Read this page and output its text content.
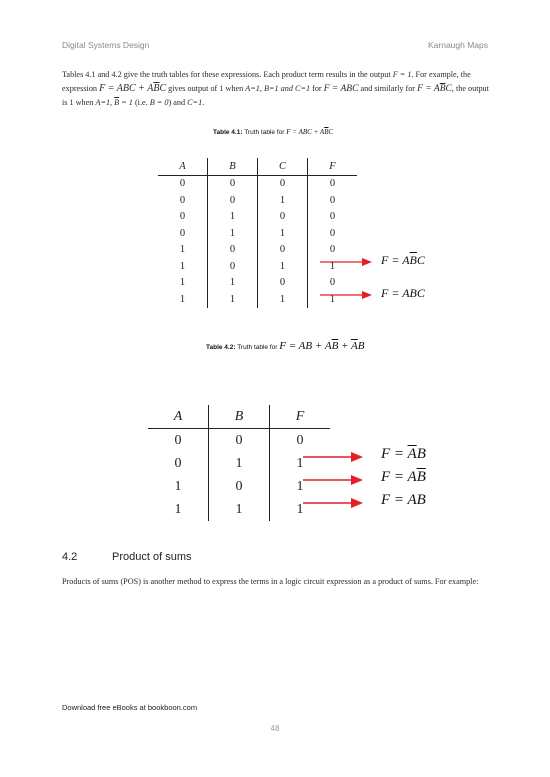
Digital Systems Design	Karnaugh Maps
Tables 4.1 and 4.2 give the truth tables for these expressions. Each product term results in the output F = 1. For example, the expression F = ABC + $A\overline{B}C$ gives output of 1 when A=1, B=1 and C=1 for F = ABC and similarly for $F = A\overline{B}C$, the output is 1 when A=1, $\overline{B} = 1$ (i.e. B = 0) and C=1.
Table 4.1: Truth table for F = ABC + $A\overline{B}C$
A	B	C	F
0	0	0	0
0	0	1	0
0	1	0	0
0	1	1	0
1	0	0	0
1	0	1	1
1	1	0	0
1	1	1	1
$F = A\overline{B}C$
F = ABC
Table 4.2: Truth table for F = AB + $A\overline{B} + \overline{A}B$
A	B	F
0	0	0
0	1	1
1	0	1
1	1	1
$F = \overline{A}B$
$F = A\overline{B}$
F = AB
4.2	Product of sums
Products of sums (POS) is another method to express the terms in a logic circuit expression as a product of sums. For example:
Download free eBooks at bookboon.com
48
